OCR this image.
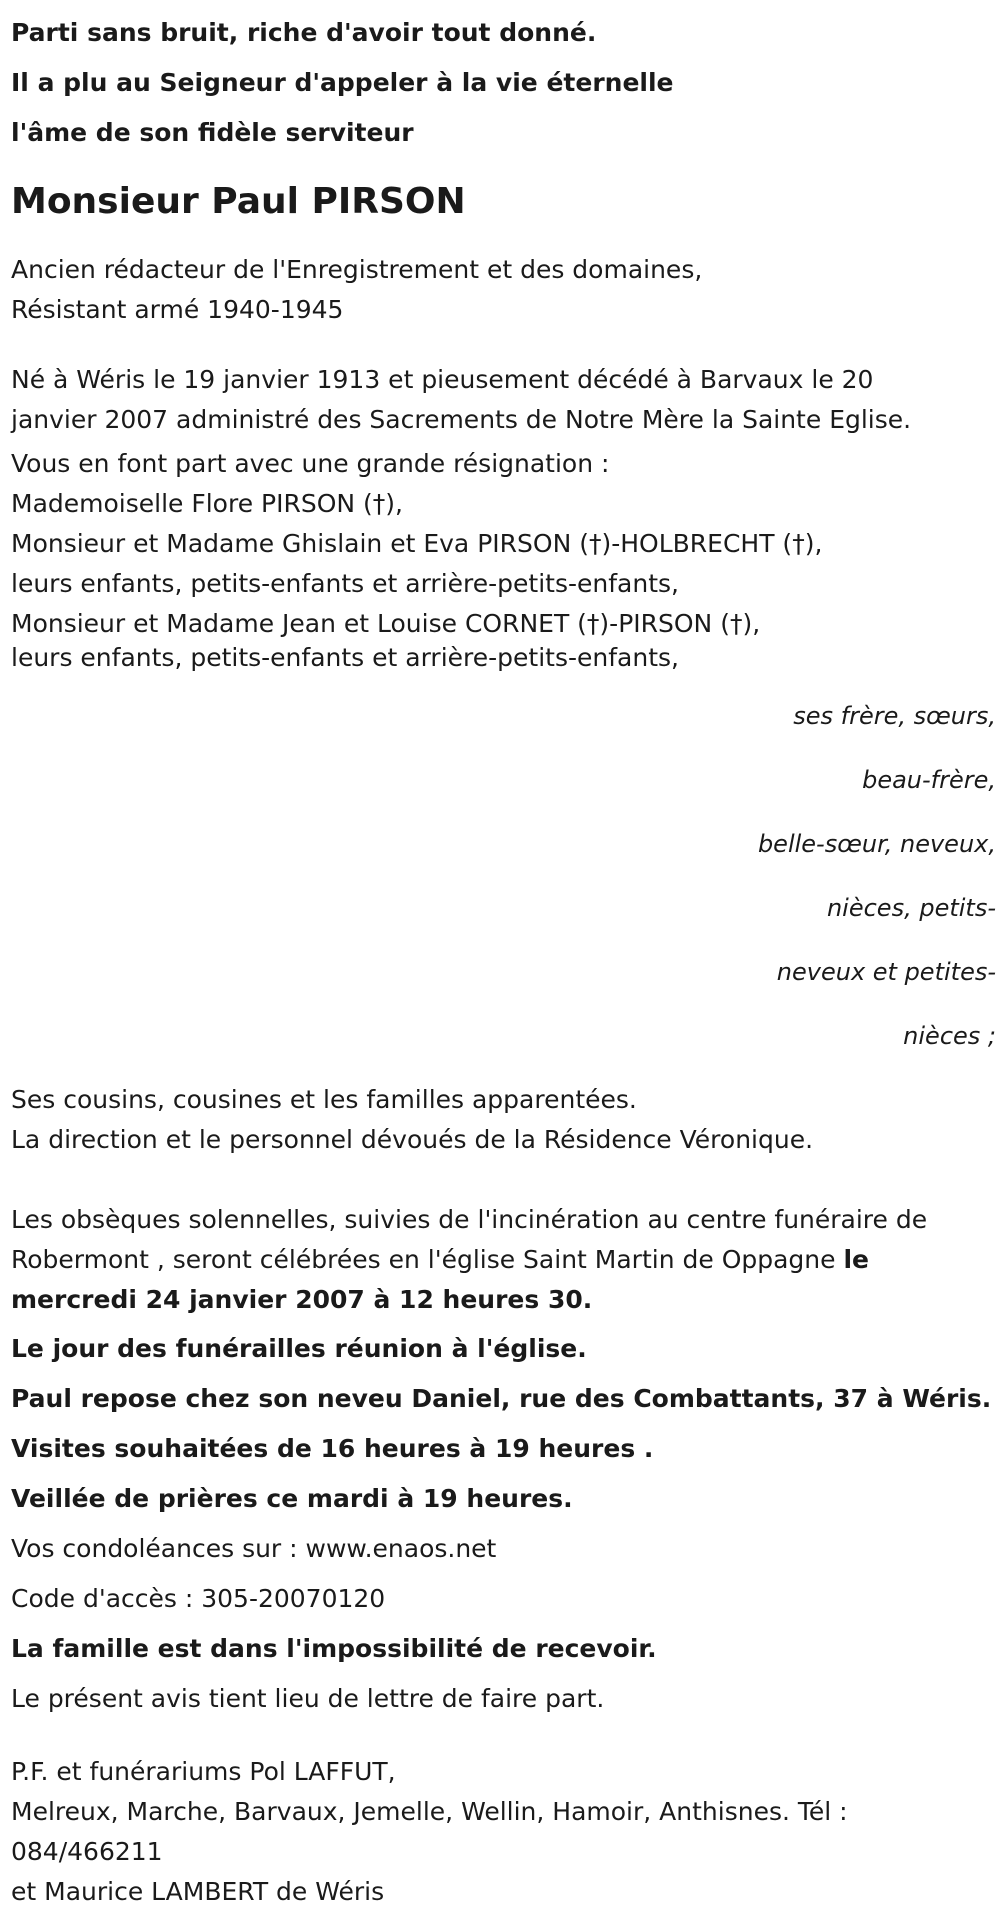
Parti sans bruit, riche d'avoir tout donné.

Il a plu au Seigneur d'appeler à la vie éternelle

l'âme de son fidèle serviteur

Monsieur Paul PIRSON

Ancien rédacteur de l'Enregistrement et des domaines,

Résistant armé 1940-1945

Né à Wéris le 19 janvier 1913 et pieusement décédé à Barvaux le 20

janvier 2007 administré des Sacrements de Notre Mère la Sainte Eglise.

Vous en font part avec une grande résignation :

Mademoiselle Flore PIRSON (†),

Monsieur et Madame Ghislain et Eva PIRSON (†)-HOLBRECHT (†),

leurs enfants, petits-enfants et arrière-petits-enfants,

Monsieur et Madame Jean et Louise CORNET (†)-PIRSON (†),

leurs enfants, petits-enfants et arrière-petits-enfants,

ses frère, sœurs,

beau-frère,

belle-sœur, neveux,

nièces, petits-

neveux et petites-

nièces ;

Ses cousins, cousines et les familles apparentées.

La direction et le personnel dévoués de la Résidence Véronique.

Les obsèques solennelles, suivies de l'incinération au centre funéraire de

Robermont , seront célébrées en l'église Saint Martin de Oppagne le

mercredi 24 janvier 2007 à 12 heures 30.

Le jour des funérailles réunion à l'église.

Paul repose chez son neveu Daniel, rue des Combattants, 37 à Wéris.

Visites souhaitées de 16 heures à 19 heures .

Veillée de prières ce mardi à 19 heures.

Vos condoléances sur : www.enaos.net

Code d'accès : 305-20070120

La famille est dans l'impossibilité de recevoir.

Le présent avis tient lieu de lettre de faire part.

P.F. et funérariums Pol LAFFUT,

Melreux, Marche, Barvaux, Jemelle, Wellin, Hamoir, Anthisnes. Tél :

084/466211

et Maurice LAMBERT de Wéris
